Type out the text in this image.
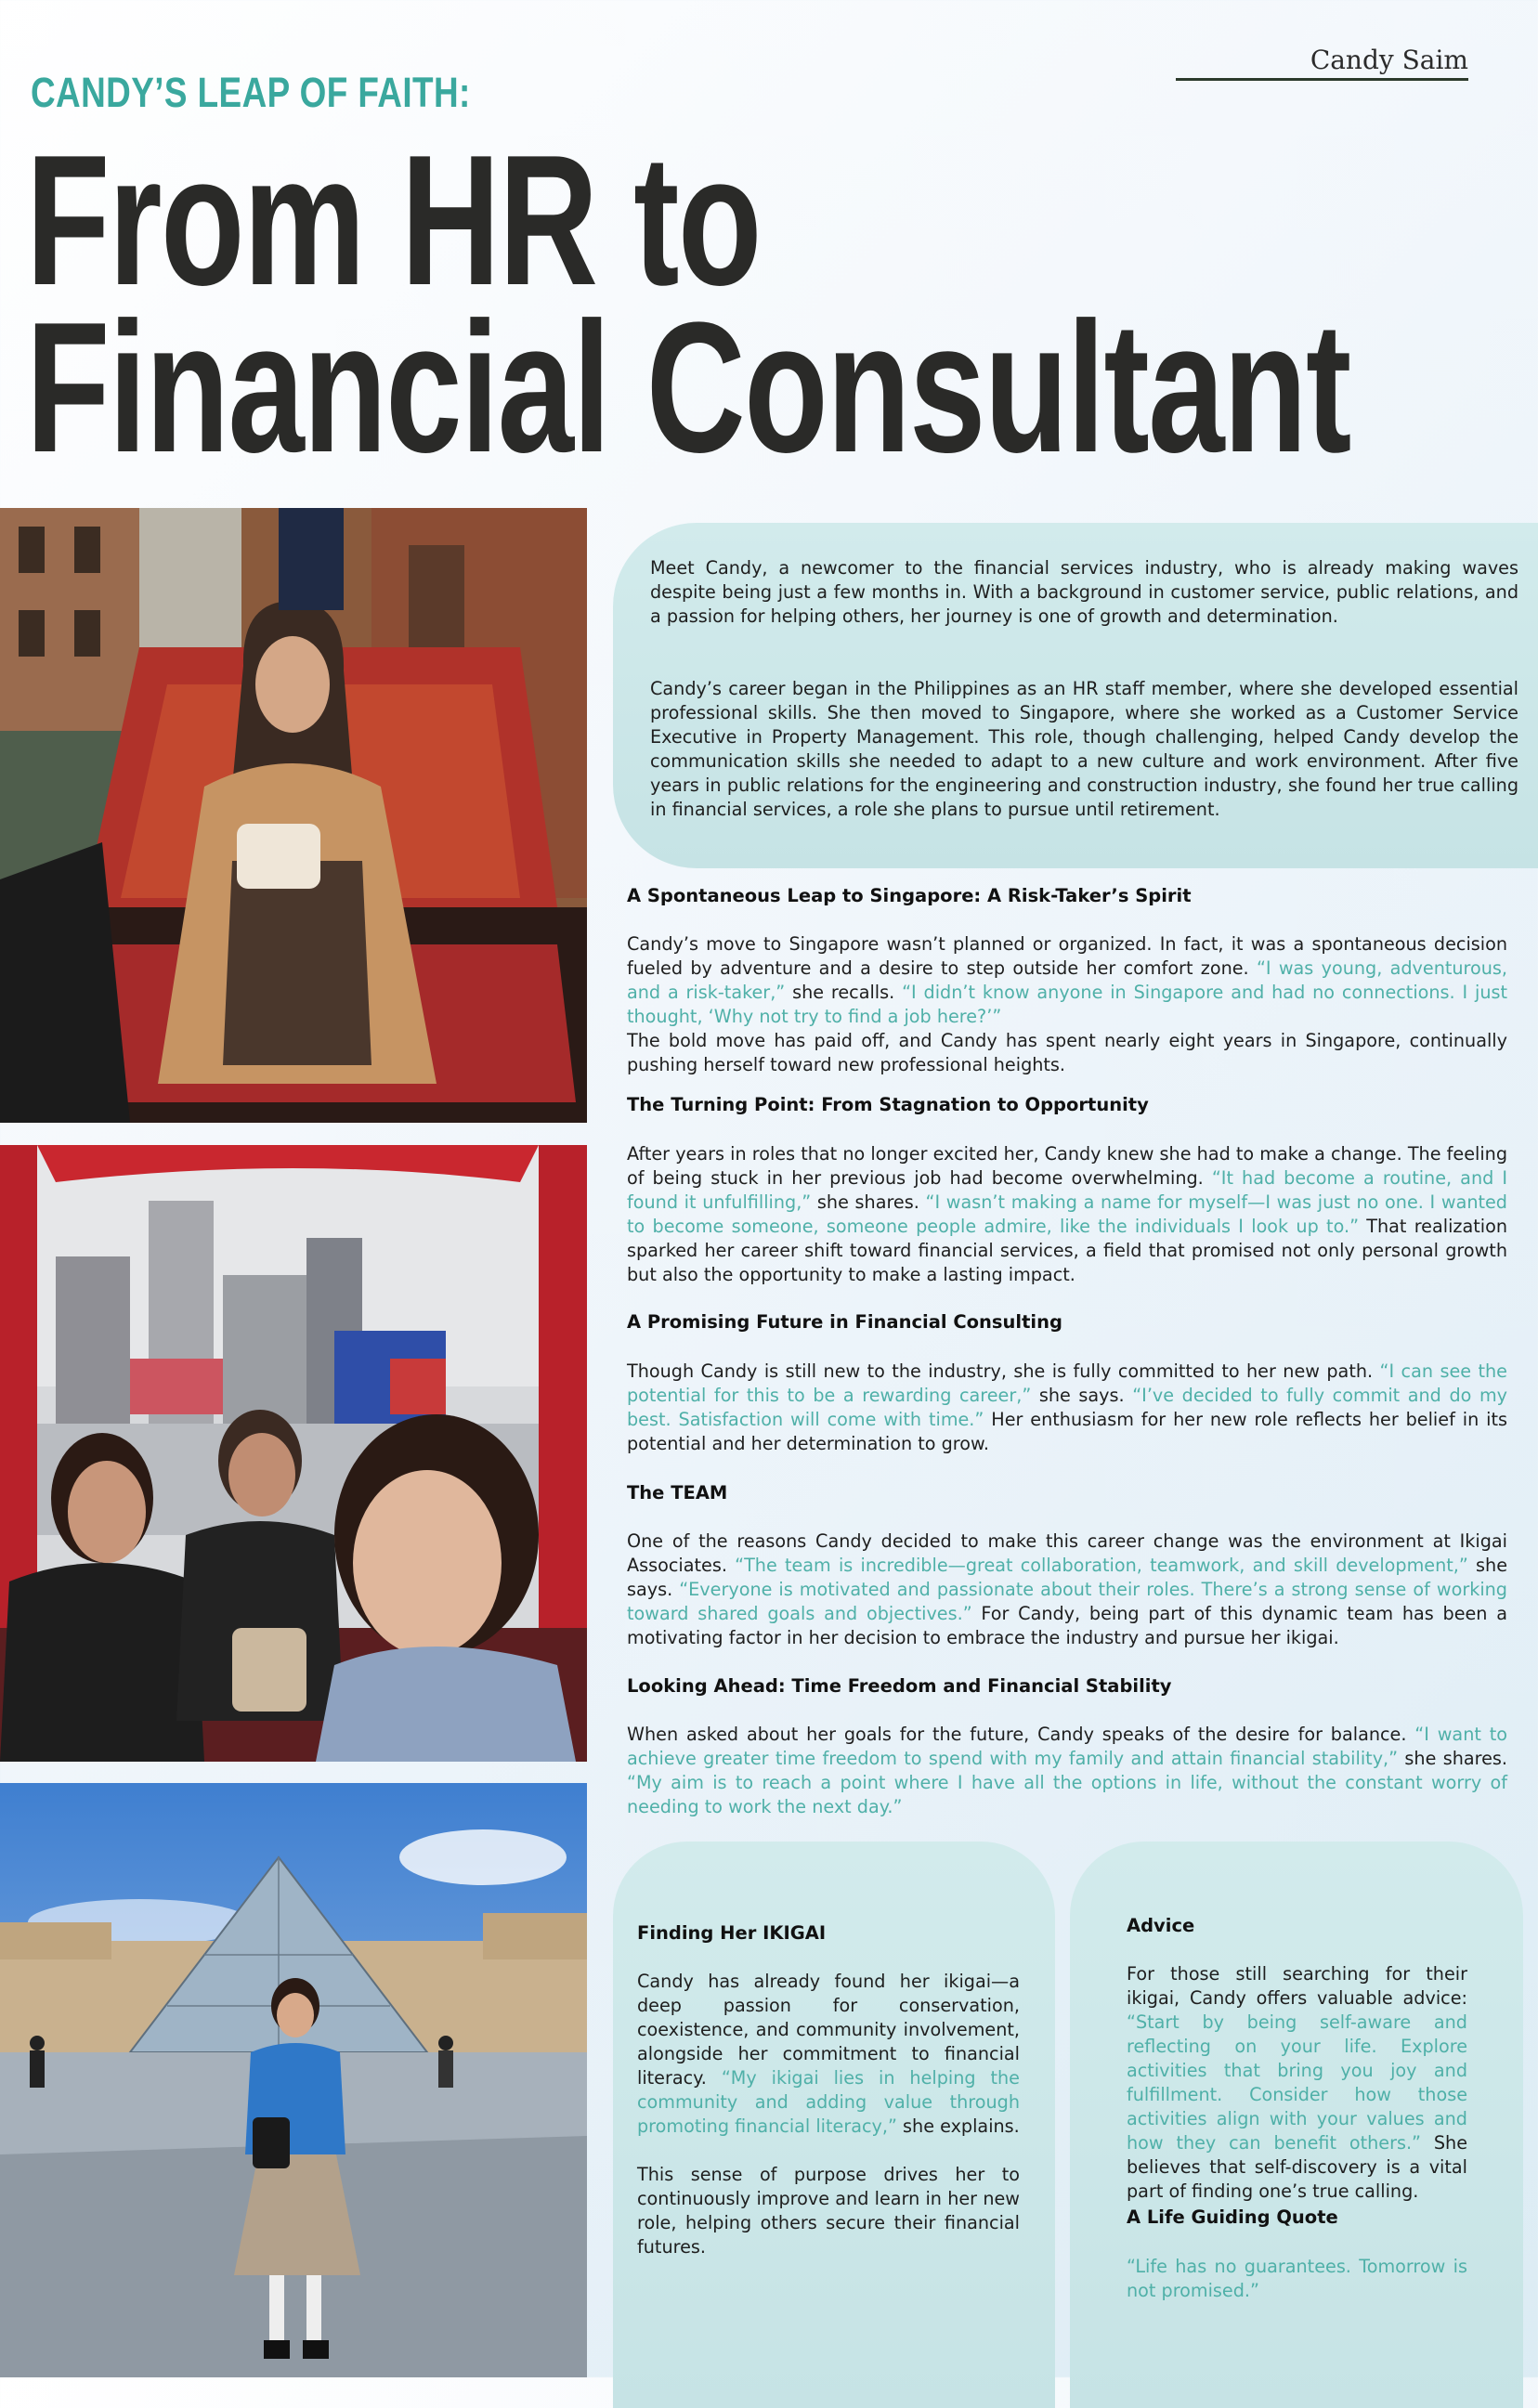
Candy Saim
CANDY’S LEAP OF FAITH:
From HR to
Financial Consultant

Meet Candy, a newcomer to the financial services industry, who is already making waves despite being just a few months in. With a background in customer service, public relations, and a passion for helping others, her journey is one of growth and determination.

Candy’s career began in the Philippines as an HR staff member, where she developed essential professional skills. She then moved to Singapore, where she worked as a Customer Service Executive in Property Management. This role, though challenging, helped Candy develop the communication skills she needed to adapt to a new culture and work environment. After five years in public relations for the engineering and construction industry, she found her true calling in financial services, a role she plans to pursue until retirement.

A Spontaneous Leap to Singapore: A Risk-Taker’s Spirit

Candy’s move to Singapore wasn’t planned or organized. In fact, it was a spontaneous decision fueled by adventure and a desire to step outside her comfort zone. “I was young, adventurous, and a risk-taker,” she recalls. “I didn’t know anyone in Singapore and had no connections. I just thought, ‘Why not try to find a job here?’”
The bold move has paid off, and Candy has spent nearly eight years in Singapore, continually pushing herself toward new professional heights.

The Turning Point: From Stagnation to Opportunity

After years in roles that no longer excited her, Candy knew she had to make a change. The feeling of being stuck in her previous job had become overwhelming. “It had become a routine, and I found it unfulfilling,” she shares. “I wasn’t making a name for myself—I was just no one. I wanted to become someone, someone people admire, like the individuals I look up to.” That realization sparked her career shift toward financial services, a field that promised not only personal growth but also the opportunity to make a lasting impact.

A Promising Future in Financial Consulting

Though Candy is still new to the industry, she is fully committed to her new path. “I can see the potential for this to be a rewarding career,” she says. “I’ve decided to fully commit and do my best. Satisfaction will come with time.” Her enthusiasm for her new role reflects her belief in its potential and her determination to grow.

The TEAM

One of the reasons Candy decided to make this career change was the environment at Ikigai Associates. “The team is incredible—great collaboration, teamwork, and skill development,” she says. “Everyone is motivated and passionate about their roles. There’s a strong sense of working toward shared goals and objectives.” For Candy, being part of this dynamic team has been a motivating factor in her decision to embrace the industry and pursue her ikigai.

Looking Ahead: Time Freedom and Financial Stability

When asked about her goals for the future, Candy speaks of the desire for balance. “I want to achieve greater time freedom to spend with my family and attain financial stability,” she shares. “My aim is to reach a point where I have all the options in life, without the constant worry of needing to work the next day.”

Finding Her IKIGAI

Candy has already found her ikigai—a deep passion for conservation, coexistence, and community involvement, alongside her commitment to financial literacy. “My ikigai lies in helping the community and adding value through promoting financial literacy,” she explains.

This sense of purpose drives her to continuously improve and learn in her new role, helping others secure their financial futures.

Advice

For those still searching for their ikigai, Candy offers valuable advice: “Start by being self-aware and reflecting on your life. Explore activities that bring you joy and fulfillment. Consider how those activities align with your values and how they can benefit others.” She believes that self-discovery is a vital part of finding one’s true calling.

A Life Guiding Quote

“Life has no guarantees. Tomorrow is not promised.”
